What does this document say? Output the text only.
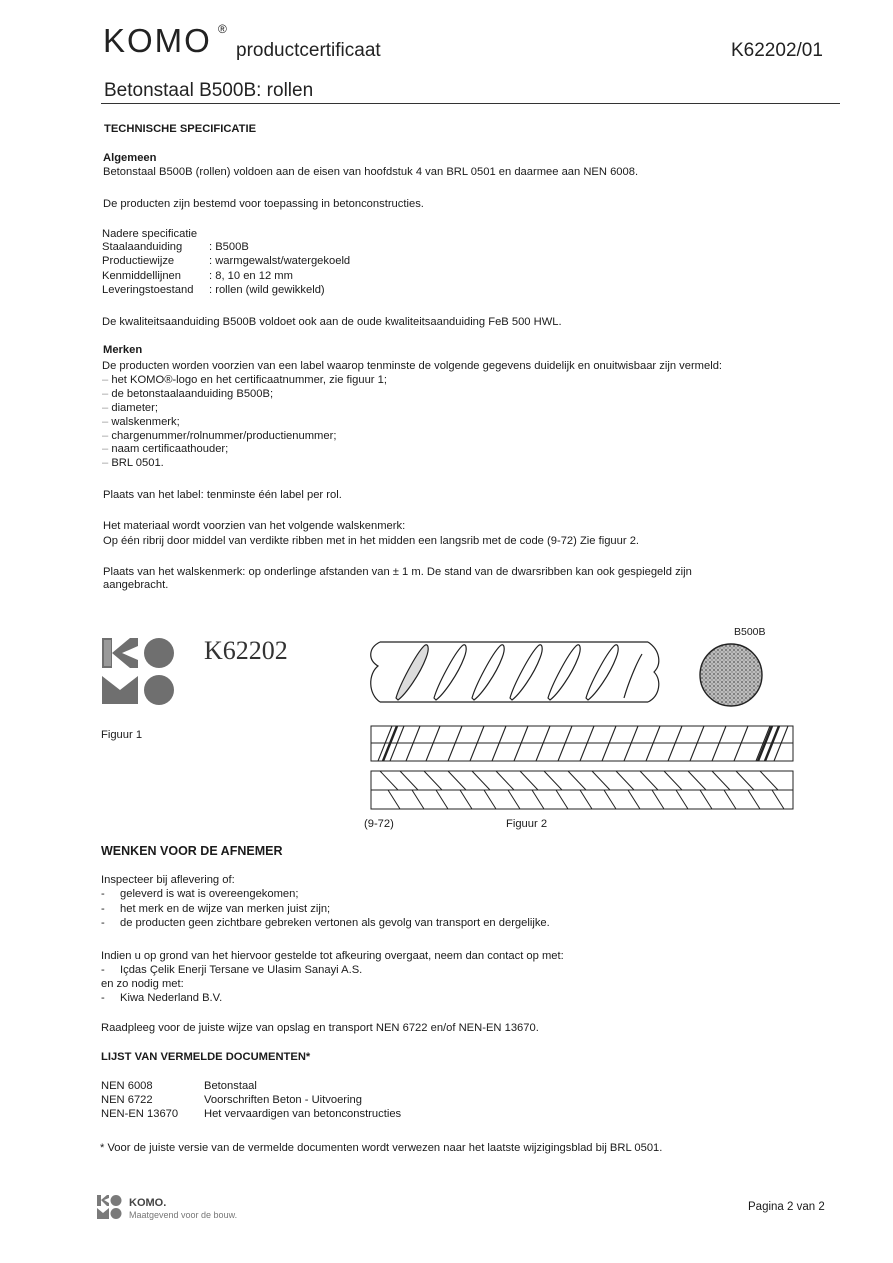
KOMO ®
productcertificaat	K62202/01
Betonstaal B500B: rollen
TECHNISCHE SPECIFICATIE
Algemeen
Betonstaal B500B (rollen) voldoen aan de eisen van hoofdstuk 4 van BRL 0501 en daarmee aan NEN 6008.
De producten zijn bestemd voor toepassing in betonconstructies.
Nadere specificatie
Staalaanduiding : B500B
Productiewijze	: warmgewalst/watergekoeld
Kenmiddellijnen	: 8, 10 en 12 mm
Leveringstoestand : rollen (wild gewikkeld)
De kwaliteitsaanduiding B500B voldoet ook aan de oude kwaliteitsaanduiding FeB 500 HWL.
Merken
De producten worden voorzien van een label waarop tenminste de volgende gegevens duidelijk en onuitwisbaar zijn vermeld:
– het KOMO®-logo en het certificaatnummer, zie figuur 1;
– de betonstaalaanduiding B500B;
– diameter;
– walskenmerk;
– chargenummer/rolnummer/productienummer;
– naam certificaathouder;
– BRL 0501.
Plaats van het label: tenminste één label per rol.
Het materiaal wordt voorzien van het volgende walskenmerk:
Op één ribrij door middel van verdikte ribben met in het midden een langsrib met de code (9-72) Zie figuur 2.
Plaats van het walskenmerk: op onderlinge afstanden van ± 1 m. De stand van de dwarsribben kan ook gespiegeld zijn
aangebracht.
K62202
Figuur 1
B500B
(9-72)	Figuur 2
WENKEN VOOR DE AFNEMER
Inspecteer bij aflevering of:
- geleverd is wat is overeengekomen;
- het merk en de wijze van merken juist zijn;
- de producten geen zichtbare gebreken vertonen als gevolg van transport en dergelijke.
Indien u op grond van het hiervoor gestelde tot afkeuring overgaat, neem dan contact op met:
- Içdas Çelik Enerji Tersane ve Ulasim Sanayi A.S.
en zo nodig met:
- Kiwa Nederland B.V.
Raadpleeg voor de juiste wijze van opslag en transport NEN 6722 en/of NEN-EN 13670.
LIJST VAN VERMELDE DOCUMENTEN*
NEN 6008	Betonstaal
NEN 6722	Voorschriften Beton - Uitvoering
NEN-EN 13670 Het vervaardigen van betonconstructies
* Voor de juiste versie van de vermelde documenten wordt verwezen naar het laatste wijzigingsblad bij BRL 0501.
KOMO.
Maatgevend voor de bouw.
Pagina 2 van 2
